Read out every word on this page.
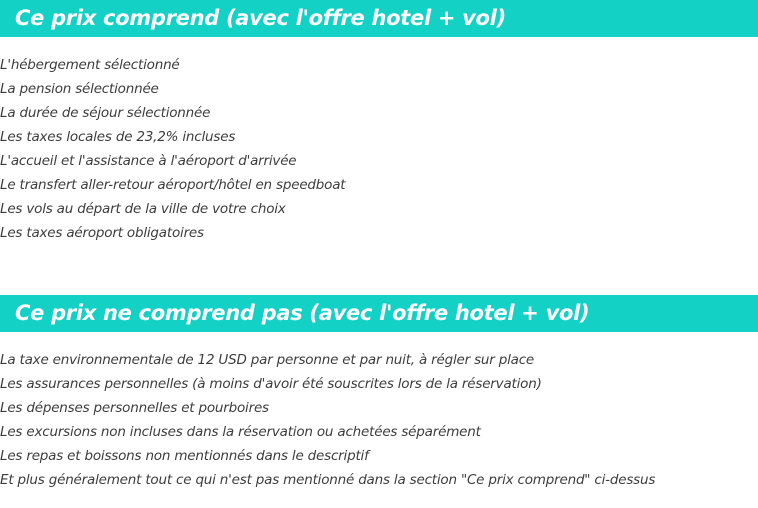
Ce prix comprend (avec l'offre hotel + vol)
L'hébergement sélectionné
La pension sélectionnée
La durée de séjour sélectionnée
Les taxes locales de 23,2% incluses
L'accueil et l'assistance à l'aéroport d'arrivée
Le transfert aller-retour aéroport/hôtel en speedboat
Les vols au départ de la ville de votre choix
Les taxes aéroport obligatoires
Ce prix ne comprend pas (avec l'offre hotel + vol)
La taxe environnementale de 12 USD par personne et par nuit, à régler sur place
Les assurances personnelles (à moins d'avoir été souscrites lors de la réservation)
Les dépenses personnelles et pourboires
Les excursions non incluses dans la réservation ou achetées séparément
Les repas et boissons non mentionnés dans le descriptif
Et plus généralement tout ce qui n'est pas mentionné dans la section "Ce prix comprend" ci-dessus
